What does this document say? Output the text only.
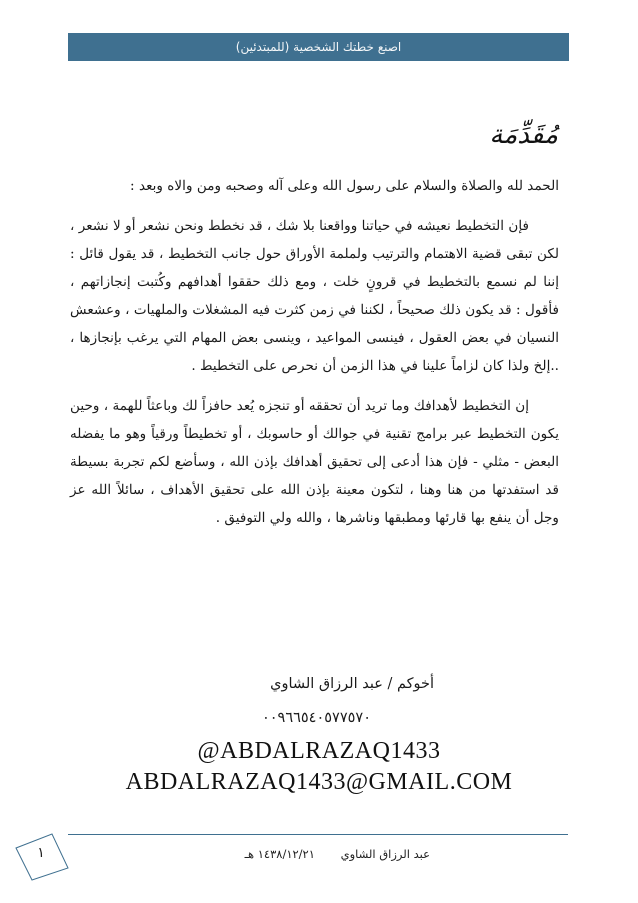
اصنع خطتك الشخصية (للمبتدئين)
مُقَدِّمَة

الحمد لله والصلاة والسلام على رسول الله وعلى آله وصحبه ومن والاه وبعد :

فإن التخطيط نعيشه في حياتنا وواقعنا بلا شك ، قد نخطط ونحن نشعر أو لا نشعر ، لكن تبقى قضية الاهتمام والترتيب ولملمة الأوراق حول جانب التخطيط ، قد يقول قائل : إننا لم نسمع بالتخطيط في قرونٍ خلت ، ومع ذلك حققوا أهدافهم وكُتبت إنجازاتهم ، فأقول : قد يكون ذلك صحيحاً ، لكننا في زمن كثرت فيه المشغلات والملهيات ، وعشعش النسيان في بعض العقول ، فينسى المواعيد ، وينسى بعض المهام التي يرغب بإنجازها ، ..إلخ ولذا كان لزاماً علينا في هذا الزمن أن نحرص على التخطيط .

إن التخطيط لأهدافك وما تريد أن تحققه أو تنجزه يُعد حافزاً لك وباعثاً للهمة ، وحين يكون التخطيط عبر برامج تقنية في جوالك أو حاسوبك ، أو تخطيطاً ورقياً وهو ما يفضله البعض - مثلي - فإن هذا أدعى إلى تحقيق أهدافك بإذن الله ، وسأضع لكم تجربة بسيطة قد استفدتها من هنا وهنا ، لتكون معينة بإذن الله على تحقيق الأهداف ، سائلاً الله عز وجل أن ينفع بها قارئها ومطبقها وناشرها ، والله ولي التوفيق .

أخوكم / عبد الرزاق الشاوي
٠٠٩٦٦٥٤٠٥٧٧٥٧٠
@ABDALRAZAQ1433
ABDALRAZAQ1433@GMAIL.COM
١	عبد الرزاق الشاوي ١٤٣٨/١٢/٢١ هـ
